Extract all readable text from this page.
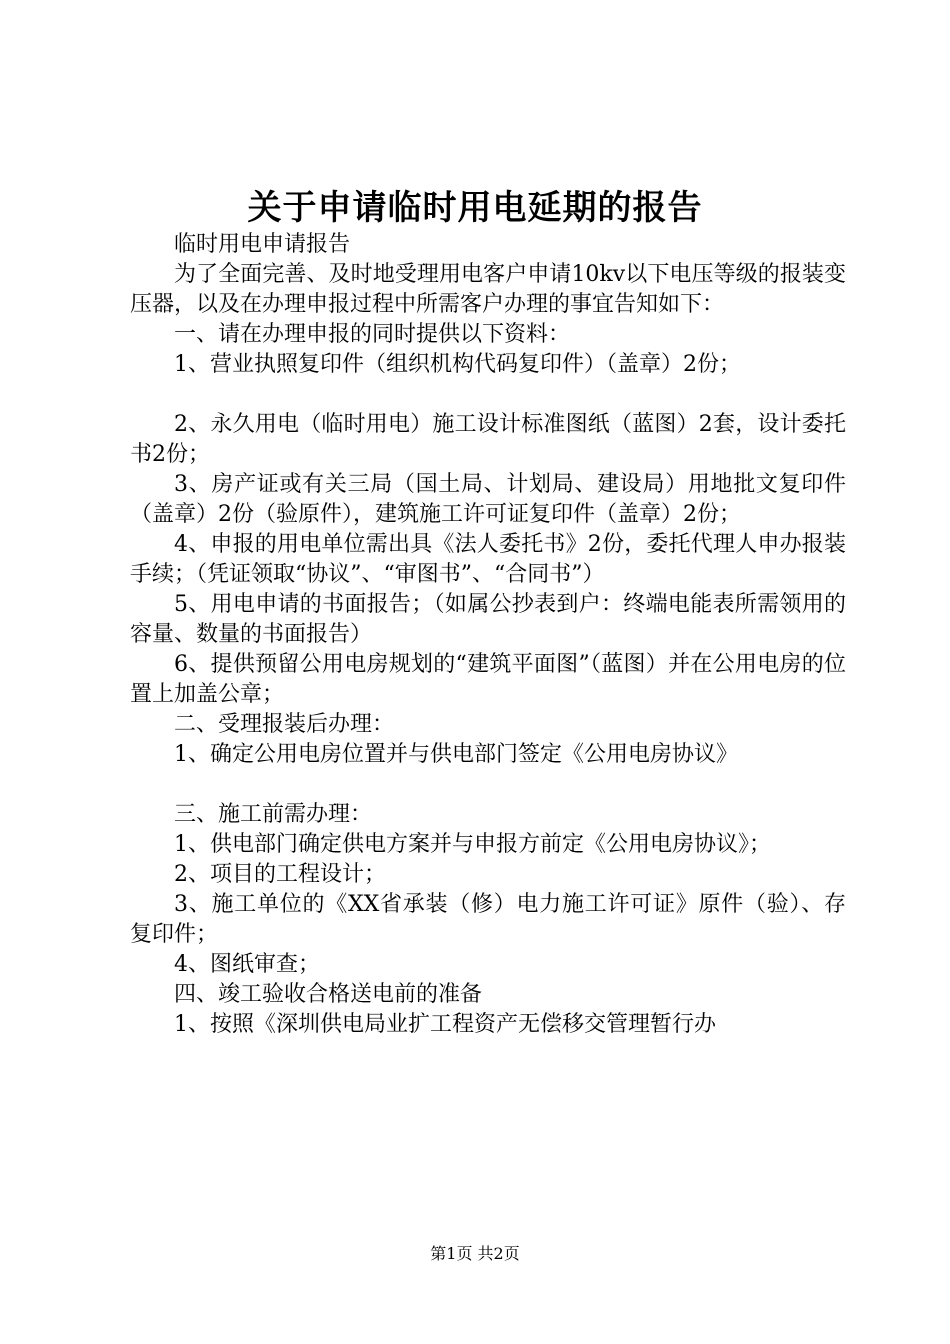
关于申请临时用电延期的报告

临时用电申请报告

为了全面完善、及时地受理用电客户申请10kv以下电压等级的报装变压器，以及在办理申报过程中所需客户办理的事宜告知如下：

一、请在办理申报的同时提供以下资料：

1、营业执照复印件（组织机构代码复印件）（盖章）2份；

2、永久用电（临时用电）施工设计标准图纸（蓝图）2套，设计委托书2份；

3、房产证或有关三局（国土局、计划局、建设局）用地批文复印件（盖章）2份（验原件），建筑施工许可证复印件（盖章）2份；

4、申报的用电单位需出具《法人委托书》2份，委托代理人申办报装手续；（凭证领取“协议”、“审图书”、“合同书”）

5、用电申请的书面报告；（如属公抄表到户：终端电能表所需领用的容量、数量的书面报告）

6、提供预留公用电房规划的“建筑平面图”（蓝图）并在公用电房的位置上加盖公章；

二、受理报装后办理：

1、确定公用电房位置并与供电部门签定《公用电房协议》

三、施工前需办理：

1、供电部门确定供电方案并与申报方前定《公用电房协议》；

2、项目的工程设计；

3、施工单位的《XX省承装（修）电力施工许可证》原件（验）、存复印件；

4、图纸审查；

四、竣工验收合格送电前的准备

1、按照《深圳供电局业扩工程资产无偿移交管理暂行办

第1页 共2页
